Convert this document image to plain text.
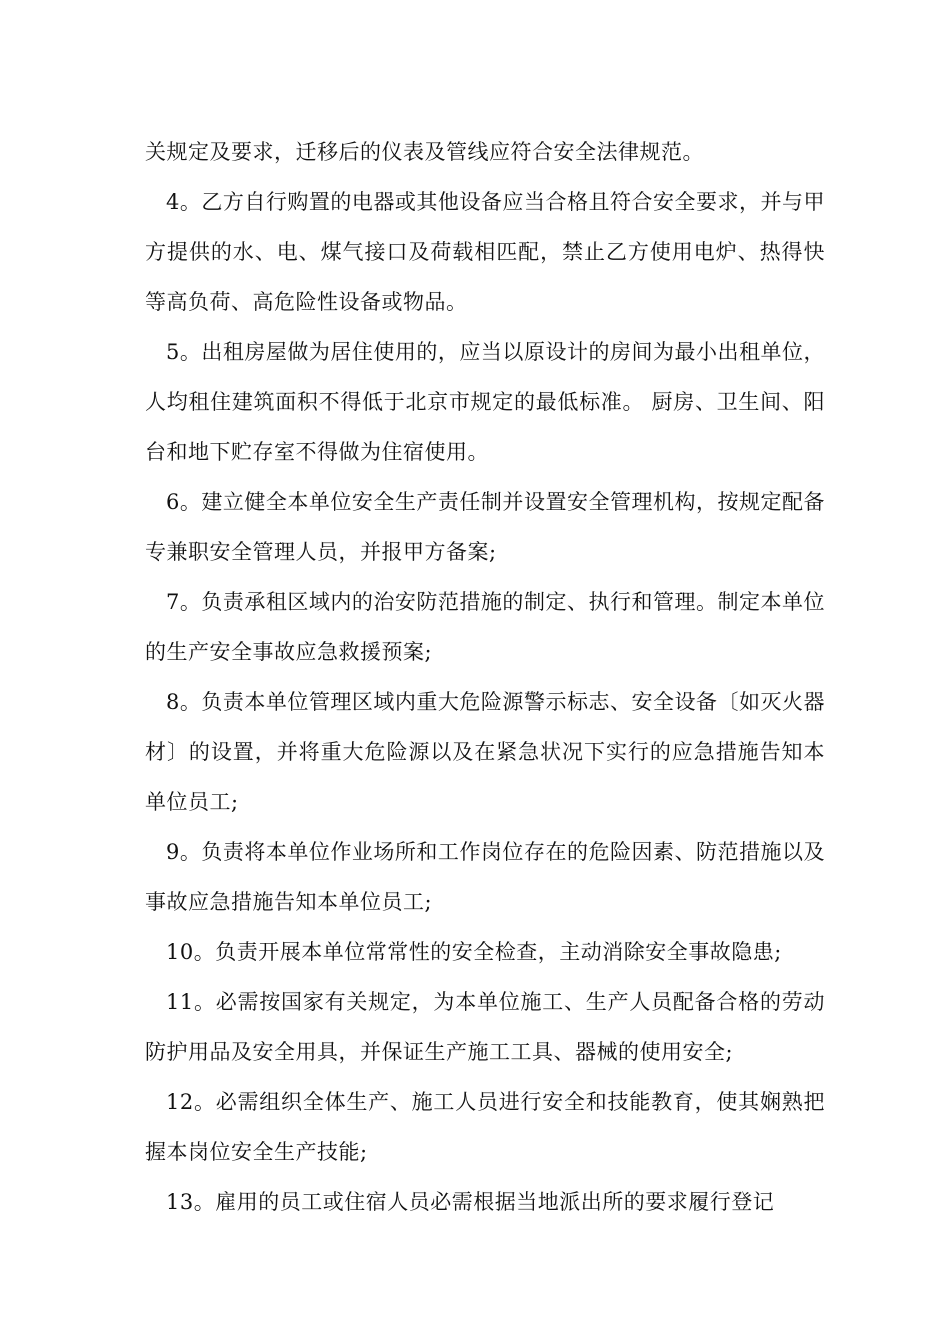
关规定及要求，迁移后的仪表及管线应符合安全法律规范。

4。乙方自行购置的电器或其他设备应当合格且符合安全要求，并与甲方提供的水、电、煤气接口及荷载相匹配，禁止乙方使用电炉、热得快等高负荷、高危险性设备或物品。

5。出租房屋做为居住使用的，应当以原设计的房间为最小出租单位，人均租住建筑面积不得低于北京市规定的最低标准。 厨房、卫生间、阳台和地下贮存室不得做为住宿使用。

6。建立健全本单位安全生产责任制并设置安全管理机构，按规定配备专兼职安全管理人员，并报甲方备案;

7。负责承租区域内的治安防范措施的制定、执行和管理。制定本单位的生产安全事故应急救援预案;

8。负责本单位管理区域内重大危险源警示标志、安全设备〔如灭火器材〕的设置，并将重大危险源以及在紧急状况下实行的应急措施告知本单位员工;

9。负责将本单位作业场所和工作岗位存在的危险因素、防范措施以及事故应急措施告知本单位员工;

10。负责开展本单位常常性的安全检查，主动消除安全事故隐患;

11。必需按国家有关规定，为本单位施工、生产人员配备合格的劳动防护用品及安全用具，并保证生产施工工具、器械的使用安全;

12。必需组织全体生产、施工人员进行安全和技能教育，使其娴熟把握本岗位安全生产技能;

13。雇用的员工或住宿人员必需根据当地派出所的要求履行登记
